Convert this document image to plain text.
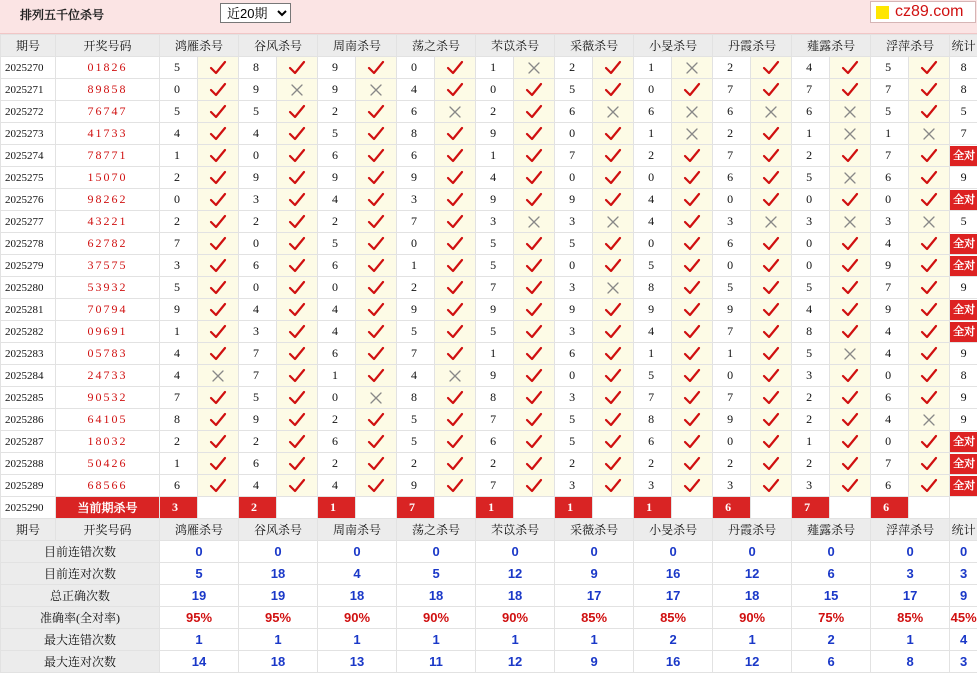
排列五千位杀号
近20期	cz89.com
期号	开奖号码	鸿雁杀号		谷风杀号		周南杀号		荡之杀号		芣苡杀号		采薇杀号		小旻杀号		丹霞杀号		薤露杀号		浮萍杀号		统计
2025270	01826	5		8		9		0		1		2		1		2		4		5		8
2025271	89858	0		9		9		4		0		5		0		7		7		7		8
2025272	76747	5		5		2		6		2		6		6		6		6		5		5
2025273	41733	4		4		5		8		9		0		1		2		1		1		7
2025274	78771	1		0		6		6		1		7		2		7		2		7		全对
2025275	15070	2		9		9		9		4		0		0		6		5		6		9
2025276	98262	0		3		4		3		9		9		4		0		0		0		全对
2025277	43221	2		2		2		7		3		3		4		3		3		3		5
2025278	62782	7		0		5		0		5		5		0		6		0		4		全对
2025279	37575	3		6		6		1		5		0		5		0		0		9		全对
2025280	53932	5		0		0		2		7		3		8		5		5		7		9
2025281	70794	9		4		4		9		9		9		9		9		4		9		全对
2025282	09691	1		3		4		5		5		3		4		7		8		4		全对
2025283	05783	4		7		6		7		1		6		1		1		5		4		9
2025284	24733	4		7		1		4		9		0		5		0		3		0		8
2025285	90532	7		5		0		8		8		3		7		7		2		6		9
2025286	64105	8		9		2		5		7		5		8		9		2		4		9
2025287	18032	2		2		6		5		6		5		6		0		1		0		全对
2025288	50426	1		6		2		2		2		2		2		2		2		7		全对
2025289	68566	6		4		4		9		7		3		3		3		3		6		全对
2025290	当前期杀号	3		2		1		7		1		1		1		6		7		6		
期号	开奖号码	鸿雁杀号		谷风杀号		周南杀号		荡之杀号		芣苡杀号		采薇杀号		小旻杀号		丹霞杀号		薤露杀号		浮萍杀号		统计
目前连错次数		0		0		0		0		0		0		0		0		0		0		0
目前连对次数		5		18		4		5		12		9		16		12		6		3		3
总正确次数		19		19		18		18		18		17		17		18		15		17		9
准确率(全对率)		95%		95%		90%		90%		90%		85%		85%		90%		75%		85%		45%
最大连错次数		1		1		1		1		1		1		2		1		2		1		4
最大连对次数		14		18		13		11		12		9		16		12		6		8		3
